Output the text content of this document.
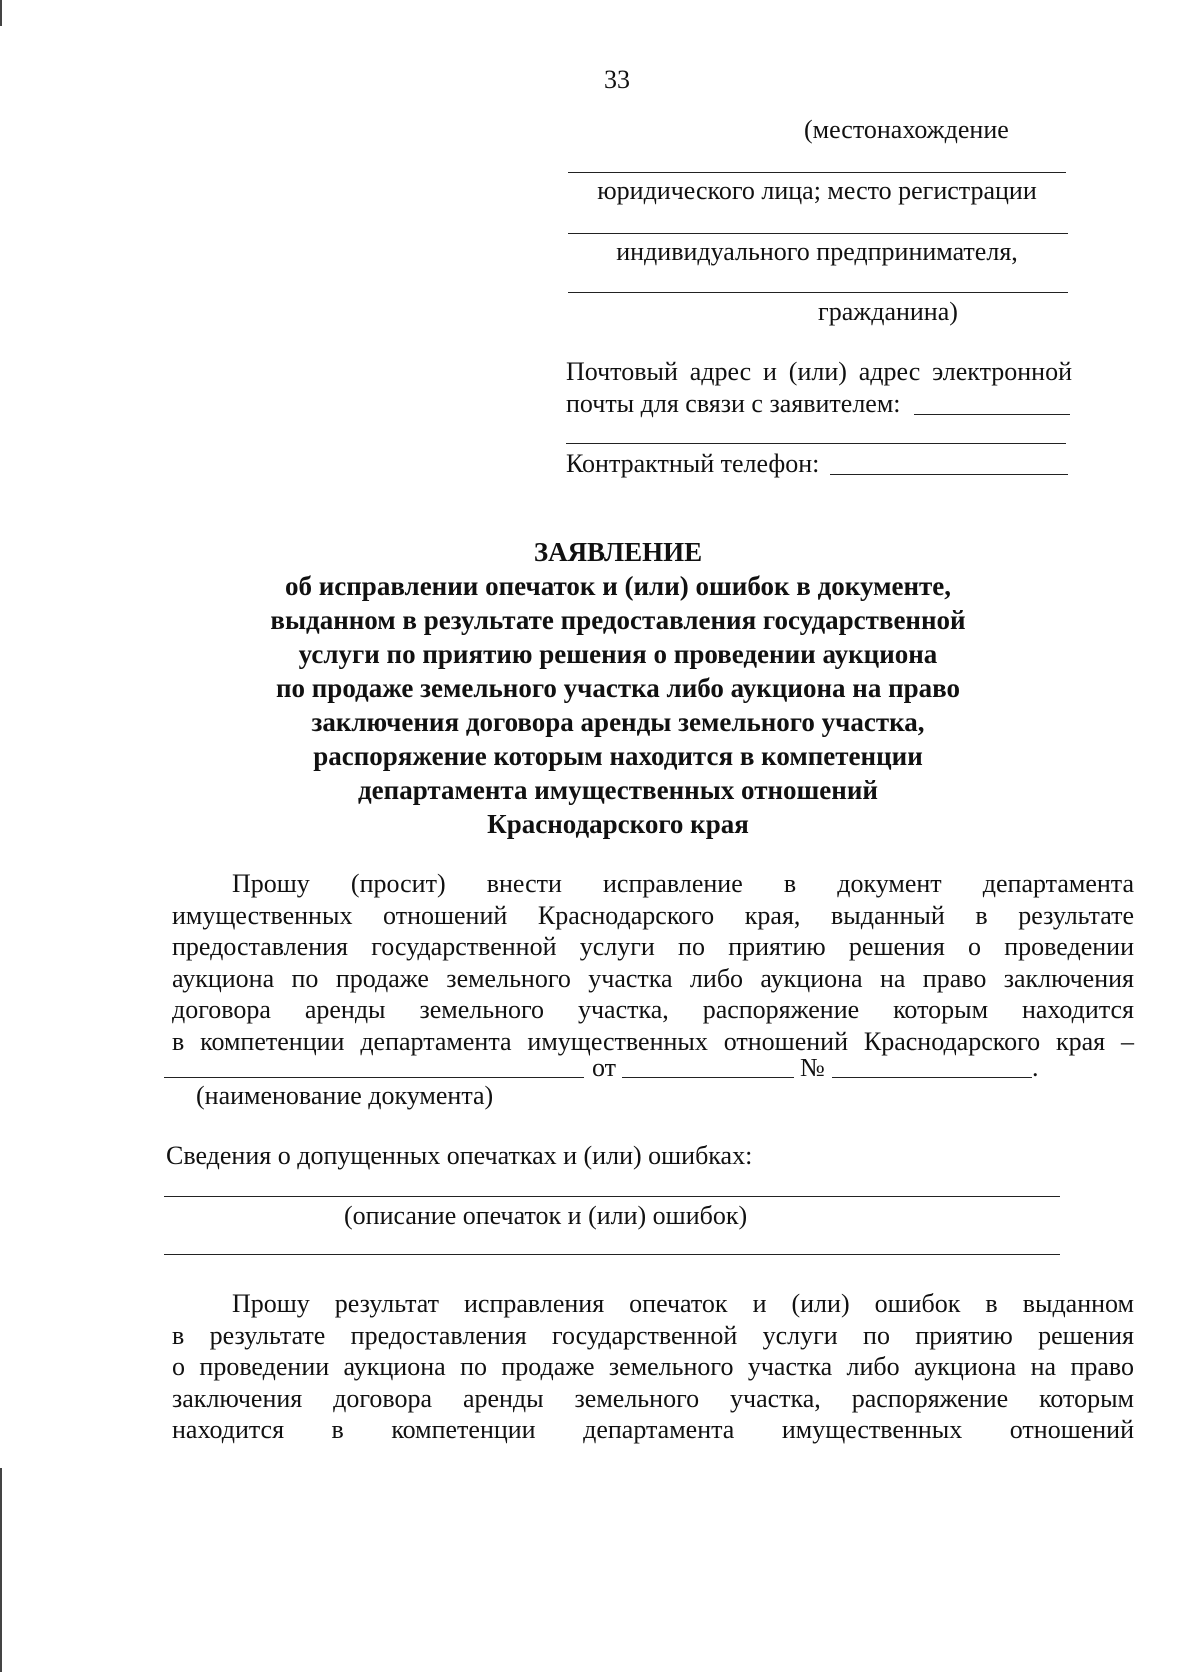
33
(местонахождение
юридического лица; место регистрации
индивидуального предпринимателя,
гражданина)
Почтовый адрес и (или) адрес электронной
почты для связи с заявителем:
Контрактный телефон:
ЗАЯВЛЕНИЕ
об исправлении опечаток и (или) ошибок в документе,
выданном в результате предоставления государственной
услуги по приятию решения о проведении аукциона
по продаже земельного участка либо аукциона на право
заключения договора аренды земельного участка,
распоряжение которым находится в компетенции
департамента имущественных отношений
Краснодарского края
Прошу (просит) внести исправление в документ департамента
имущественных отношений Краснодарского края, выданный в результате
предоставления государственной услуги по приятию решения о проведении
аукциона по продаже земельного участка либо аукциона на право заключения
договора аренды земельного участка, распоряжение которым находится
в компетенции департамента имущественных отношений Краснодарского края –
от	№	.
(наименование документа)
Сведения о допущенных опечатках и (или) ошибках:
(описание опечаток и (или) ошибок)
Прошу результат исправления опечаток и (или) ошибок в выданном
в результате предоставления государственной услуги по приятию решения
о проведении аукциона по продаже земельного участка либо аукциона на право
заключения договора аренды земельного участка, распоряжение которым
находится в компетенции департамента имущественных отношений
